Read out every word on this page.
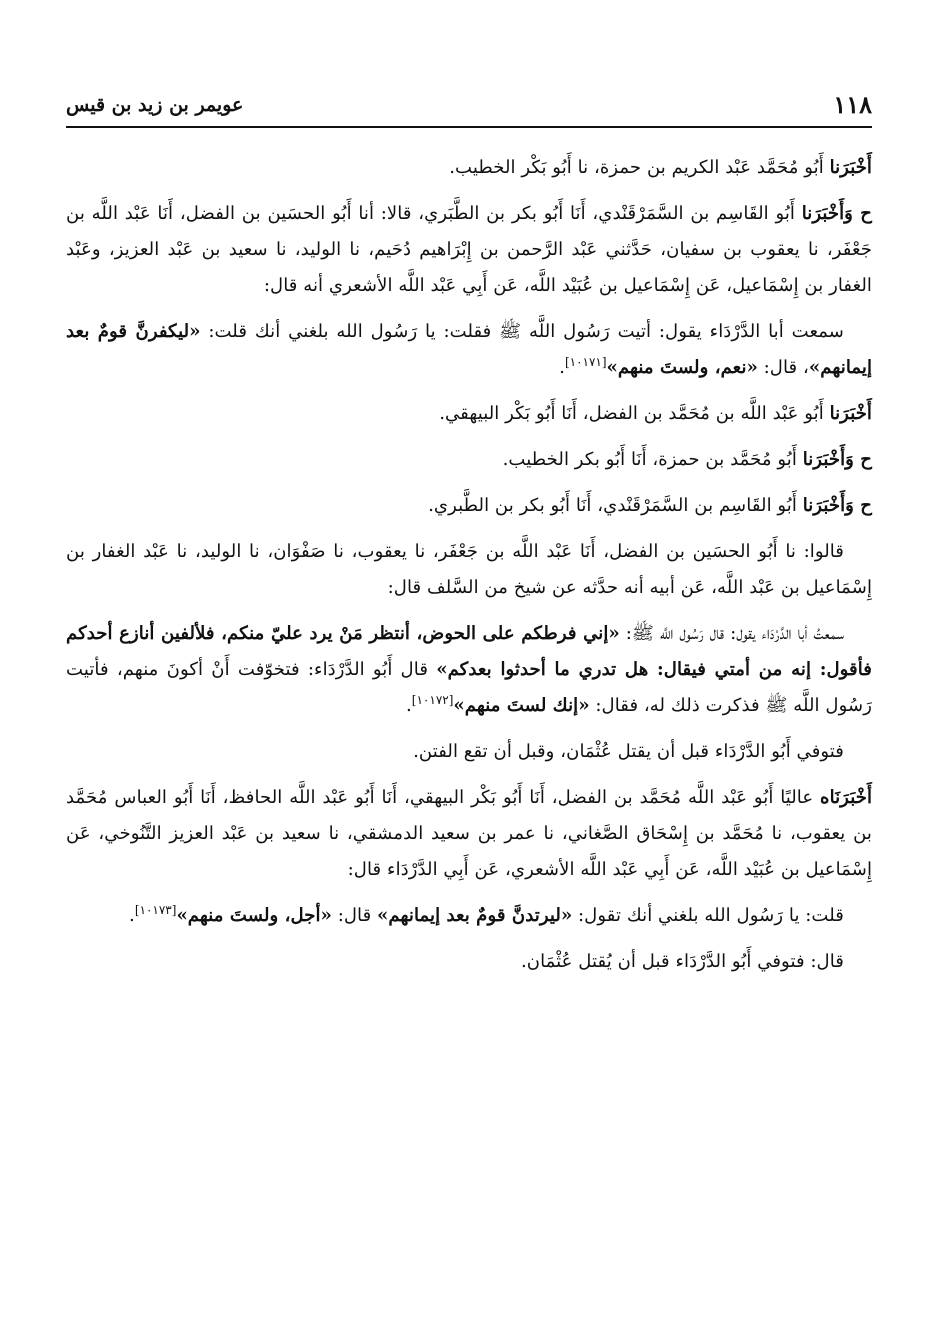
١١٨
عويمر بن زيد بن قيس

أَخْبَرَنا أَبُو مُحَمَّد عَبْد الكريم بن حمزة، نا أَبُو بَكْر الخطيب.

ح وَأَخْبَرَنا أَبُو القَاسِم بن السَّمَرْقَنْدي، أَنَا أَبُو بكر بن الطَّبَري، قالا: أنا أَبُو الحسَين بن الفضل، أَنَا عَبْد اللَّه بن جَعْفَر، نا يعقوب بن سفيان، حَدَّثني عَبْد الرَّحمن بن إِبْرَاهيم دُحَيم، نا الوليد، نا سعيد بن عَبْد العزيز، وعَبْد الغفار بن إِسْمَاعيل، عَن إِسْمَاعيل بن عُبَيْد اللَّه، عَن أَبِي عَبْد اللَّه الأشعري أنه قال:

سمعت أبا الدَّرْدَاء يقول: أتيت رَسُول اللَّه ﷺ فقلت: يا رَسُول الله بلغني أنك قلت: «ليكفرنَّ قومٌ بعد إيمانهم»، قال: «نعم، ولستَ منهم»[١٠١٧١].

أَخْبَرَنا أَبُو عَبْد اللَّه بن مُحَمَّد بن الفضل، أَنَا أَبُو بَكْر البيهقي.

ح وَأَخْبَرَنا أَبُو مُحَمَّد بن حمزة، أَنَا أَبُو بكر الخطيب.

ح وَأَخْبَرَنا أَبُو القَاسِم بن السَّمَرْقَنْدي، أَنَا أَبُو بكر بن الطَّبري.

قالوا: نا أَبُو الحسَين بن الفضل، أَنَا عَبْد اللَّه بن جَعْفَر، نا يعقوب، نا صَفْوَان، نا الوليد، نا عَبْد الغفار بن إِسْمَاعيل بن عَبْد اللَّه، عَن أبيه أنه حدَّثه عن شيخ من السَّلف قال:

سمعتُ أبا الدَّرْدَاء يقول: قال رَسُول اللَّه ﷺ: «إني فرطكم على الحوض، أنتظر مَنْ يرد عليّ منكم، فلألفين أنازع أحدكم فأقول: إنه من أمتي فيقال: هل تدري ما أحدثوا بعدكم» قال أَبُو الدَّرْدَاء: فتخوّفت أَنْ أكونَ منهم، فأتيت رَسُول اللَّه ﷺ فذكرت ذلك له، فقال: «إنك لستَ منهم»[١٠١٧٢].

فتوفي أَبُو الدَّرْدَاء قبل أن يقتل عُثْمَان، وقبل أن تقع الفتن.

أَخْبَرَنَاه عاليًا أَبُو عَبْد اللَّه مُحَمَّد بن الفضل، أَنَا أَبُو بَكْر البيهقي، أَنَا أَبُو عَبْد اللَّه الحافظ، أَنَا أَبُو العباس مُحَمَّد بن يعقوب، نا مُحَمَّد بن إِسْحَاق الصَّغاني، نا عمر بن سعيد الدمشقي، نا سعيد بن عَبْد العزيز التَّنُوخي، عَن إِسْمَاعيل بن عُبَيْد اللَّه، عَن أَبِي عَبْد اللَّه الأشعري، عَن أَبِي الدَّرْدَاء قال:

قلت: يا رَسُول الله بلغني أنك تقول: «ليرتدنَّ قومٌ بعد إيمانهم» قال: «أجل، ولستَ منهم»[١٠١٧٣].

قال: فتوفي أَبُو الدَّرْدَاء قبل أن يُقتل عُثْمَان.
